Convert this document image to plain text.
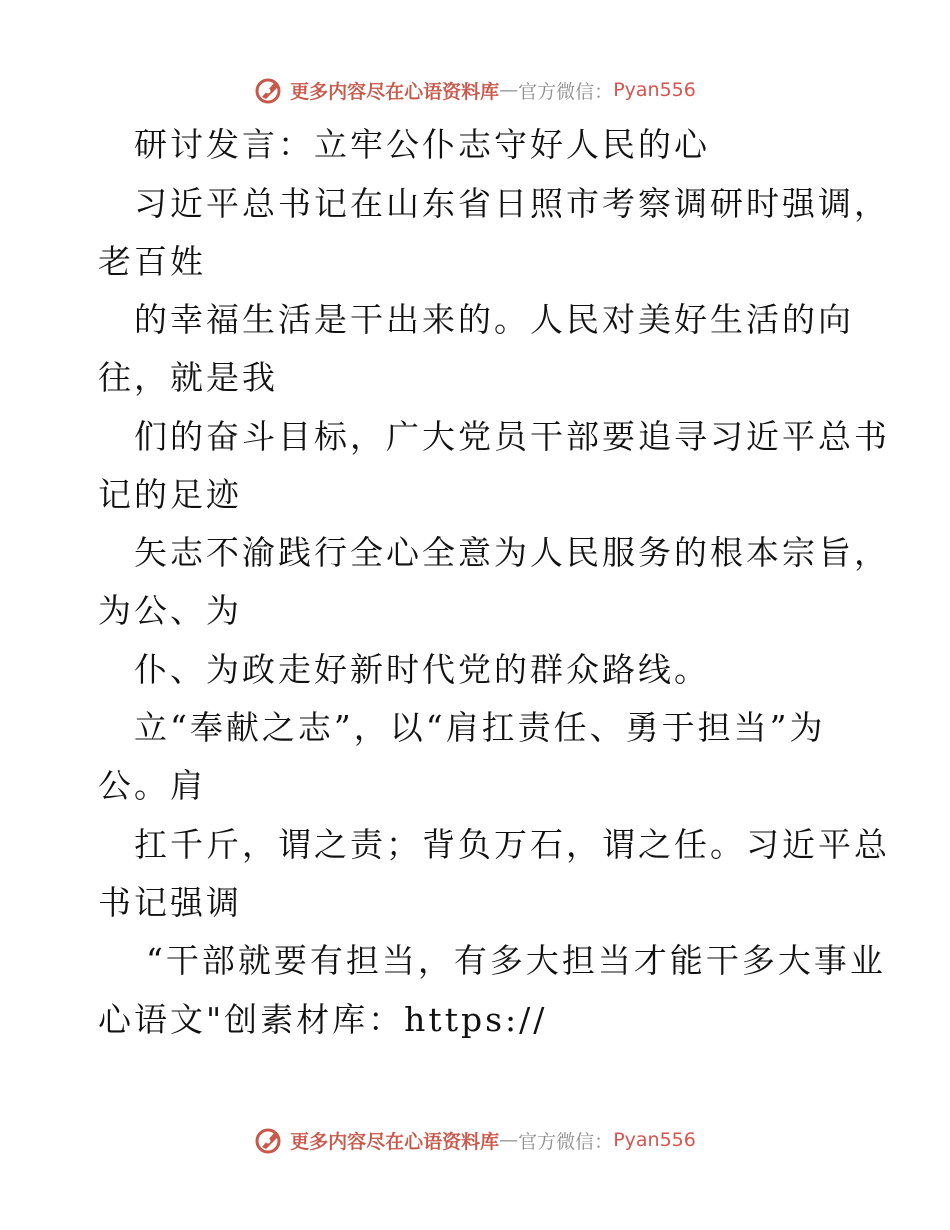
更多内容尽在心语资料库 — 官方微信： Pyan556
研讨发言：立牢公仆志守好人民的心
习近平总书记在山东省日照市考察调研时强调，
老百姓
的幸福生活是干出来的。人民对美好生活的向
往，就是我
们的奋斗目标，广大党员干部要追寻习近平总书
记的足迹
矢志不渝践行全心全意为人民服务的根本宗旨，
为公、为
仆、为政走好新时代党的群众路线。
立“奉献之志”，以“肩扛责任、勇于担当”为
公。肩
扛千斤，谓之责；背负万石，谓之任。习近平总
书记强调
“干部就要有担当，有多大担当才能干多大事业
心语文"创素材库：https://
更多内容尽在心语资料库 — 官方微信： Pyan556
